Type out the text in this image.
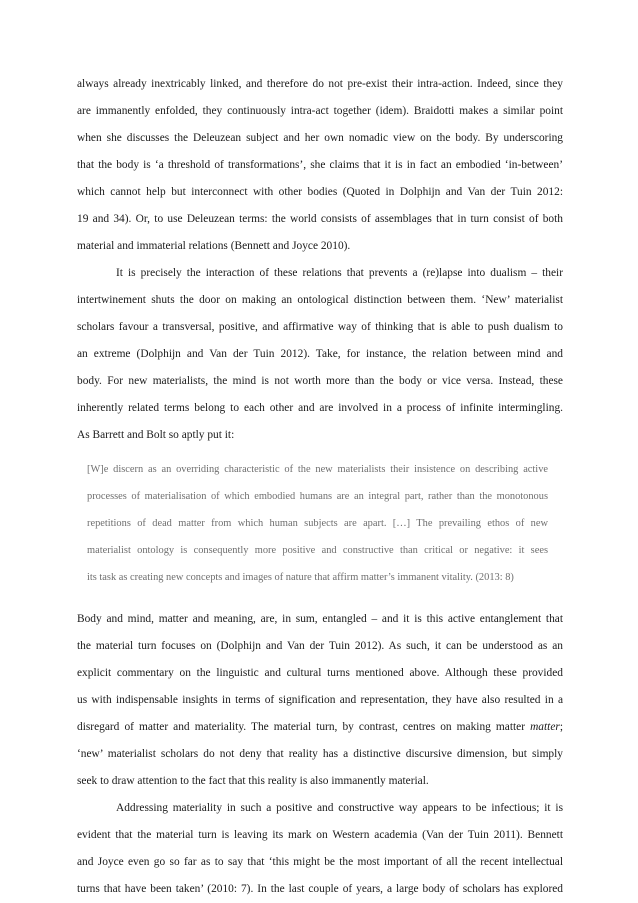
always already inextricably linked, and therefore do not pre-exist their intra-action. Indeed, since they
are immanently enfolded, they continuously intra-act together (idem). Braidotti makes a similar point
when she discusses the Deleuzean subject and her own nomadic view on the body. By underscoring
that the body is ‘a threshold of transformations’, she claims that it is in fact an embodied ‘in-between’
which cannot help but interconnect with other bodies (Quoted in Dolphijn and Van der Tuin 2012:
19 and 34). Or, to use Deleuzean terms: the world consists of assemblages that in turn consist of both
material and immaterial relations (Bennett and Joyce 2010).
It is precisely the interaction of these relations that prevents a (re)lapse into dualism – their
intertwinement shuts the door on making an ontological distinction between them. ‘New’ materialist
scholars favour a transversal, positive, and affirmative way of thinking that is able to push dualism to
an extreme (Dolphijn and Van der Tuin 2012). Take, for instance, the relation between mind and
body. For new materialists, the mind is not worth more than the body or vice versa. Instead, these
inherently related terms belong to each other and are involved in a process of infinite intermingling.
As Barrett and Bolt so aptly put it:
[W]e discern as an overriding characteristic of the new materialists their insistence on describing active
processes of materialisation of which embodied humans are an integral part, rather than the monotonous
repetitions of dead matter from which human subjects are apart. […] The prevailing ethos of new
materialist ontology is consequently more positive and constructive than critical or negative: it sees
its task as creating new concepts and images of nature that affirm matter’s immanent vitality. (2013: 8)
Body and mind, matter and meaning, are, in sum, entangled – and it is this active entanglement that
the material turn focuses on (Dolphijn and Van der Tuin 2012). As such, it can be understood as an
explicit commentary on the linguistic and cultural turns mentioned above. Although these provided
us with indispensable insights in terms of signification and representation, they have also resulted in a
disregard of matter and materiality. The material turn, by contrast, centres on making matter matter;
‘new’ materialist scholars do not deny that reality has a distinctive discursive dimension, but simply
seek to draw attention to the fact that this reality is also immanently material.
Addressing materiality in such a positive and constructive way appears to be infectious; it is
evident that the material turn is leaving its mark on Western academia (Van der Tuin 2011). Bennett
and Joyce even go so far as to say that ‘this might be the most important of all the recent intellectual
turns that have been taken’ (2010: 7). In the last couple of years, a large body of scholars has explored
